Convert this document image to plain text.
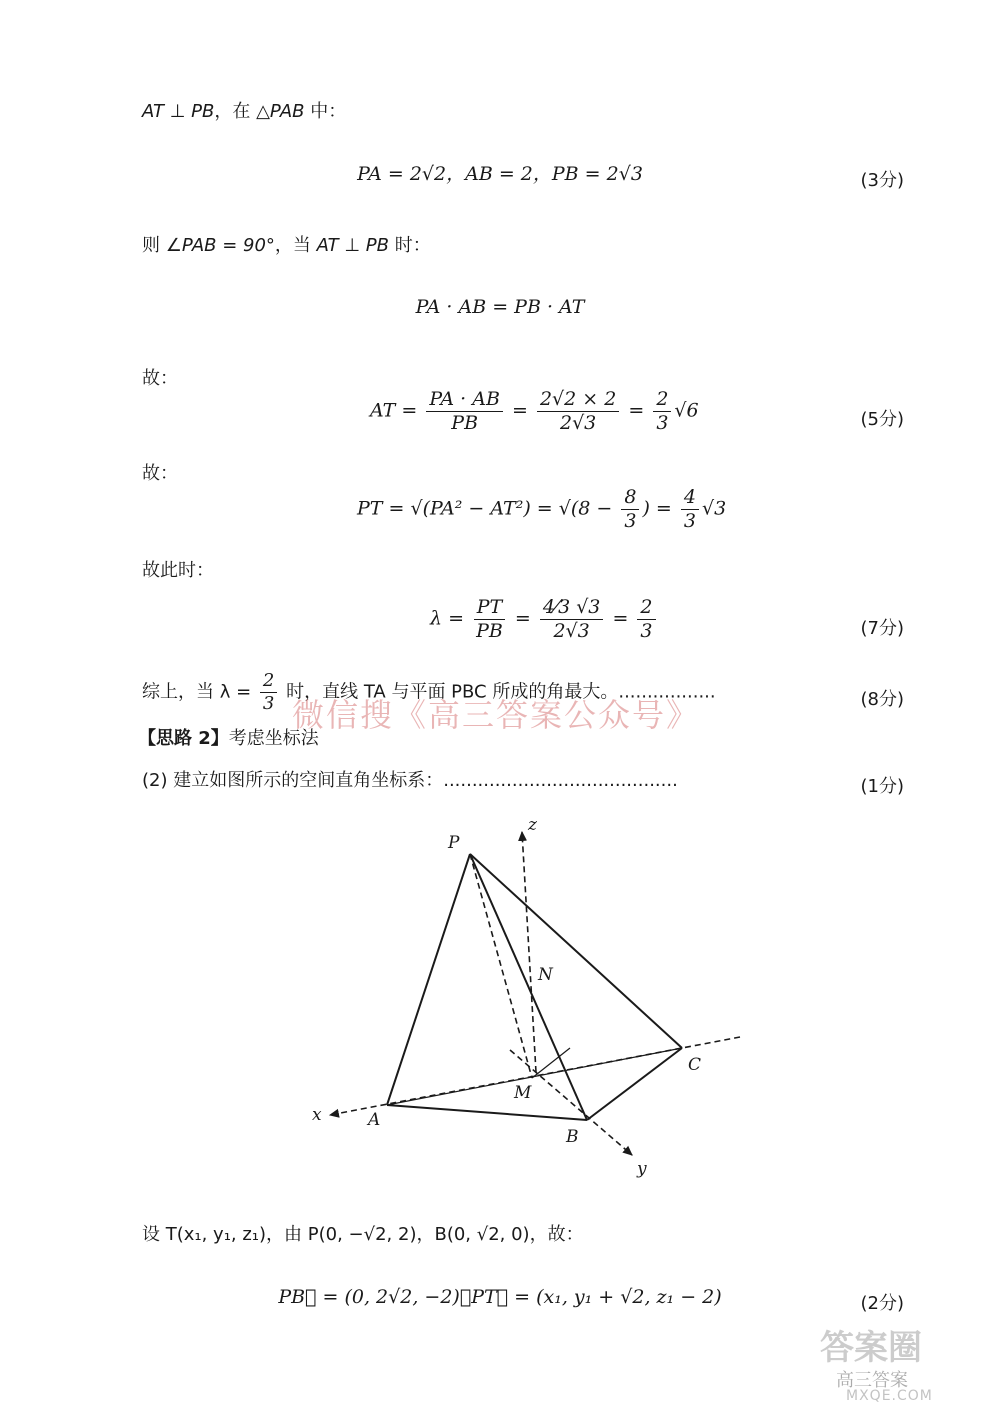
AT ⊥ PB，在 △PAB 中：
PA = 2√2，AB = 2，PB = 2√3	(3分)
则 ∠PAB = 90°，当 AT ⊥ PB 时：
PA · AB = PB · AT
故：
AT = $\frac{PA \cdot AB}{PB} = \frac{2√2 \times 2}{2√3} = \frac{2}{3} √6$	(5分)
故：
PT = $√(PA^2 - AT^2) = √(8 - \frac{8}{3}$ ) = $\frac{4}{3} √3$
故此时：
$\lambda = \frac{PT}{PB} = \frac{4⁄3 √3}{2√3} = \frac{2}{3}$	(7分)
综上，当 $\lambda = \frac{2}{3}$ 时，直线 TA 与平面 PBC 所成的角最大。.................	(8分)
微信搜《高三答案公众号》
【思路 2】考虑坐标法
(2) 建立如图所示的空间直角坐标系：.........................................	(1分)
P
z
N
C
M
x	A
B
y
设 T(x₁, y₁, z₁)，由 P(0, −√2, 2)，B(0, √2, 0)，故：
PB⃗ = (0, 2√2, −2)，PT⃗ = (x₁, y₁ + √2, z₁ − 2)	(2分)
答案圈
高三答案
MXQE.COM
